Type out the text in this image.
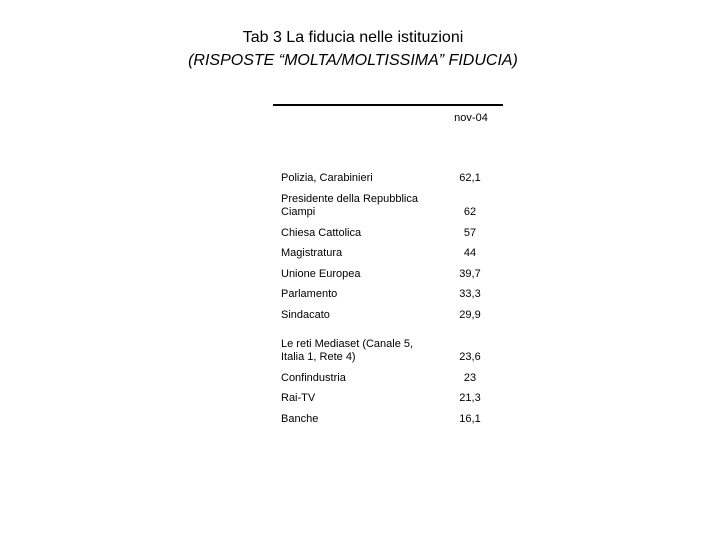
Tab 3 La fiducia nelle istituzioni
(RISPOSTE “MOLTA/MOLTISSIMA” FIDUCIA)
nov-04
Polizia, Carabinieri	62,1
Presidente della Repubblica Ciampi	62
Chiesa Cattolica	57
Magistratura	44
Unione Europea	39,7
Parlamento	33,3
Sindacato	29,9
Le reti Mediaset (Canale 5, Italia 1, Rete 4)	23,6
Confindustria	23
Rai-TV	21,3
Banche	16,1
